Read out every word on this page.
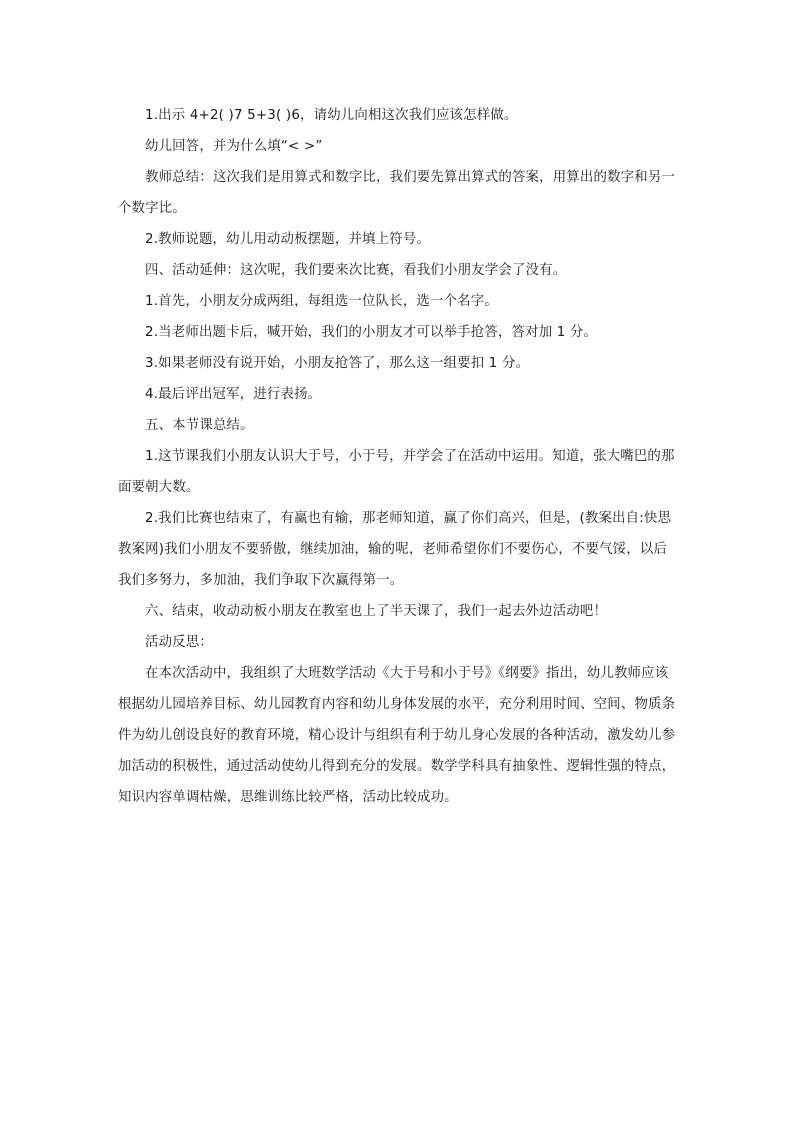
1.出示 4+2( )7 5+3( )6，请幼儿向相这次我们应该怎样做。

幼儿回答，并为什么填“< >”

教师总结：这次我们是用算式和数字比，我们要先算出算式的答案，用算出的数字和另一个数字比。

2.教师说题，幼儿用动动板摆题，并填上符号。

四、活动延伸：这次呢，我们要来次比赛，看我们小朋友学会了没有。

1.首先，小朋友分成两组，每组选一位队长，选一个名字。

2.当老师出题卡后，喊开始，我们的小朋友才可以举手抢答，答对加 1 分。

3.如果老师没有说开始，小朋友抢答了，那么这一组要扣 1 分。

4.最后评出冠军，进行表扬。

五、本节课总结。

1.这节课我们小朋友认识大于号，小于号，并学会了在活动中运用。知道，张大嘴巴的那面要朝大数。

2.我们比赛也结束了，有赢也有输，那老师知道，赢了你们高兴，但是，(教案出自:快思教案网)我们小朋友不要骄傲，继续加油，输的呢，老师希望你们不要伤心，不要气馁，以后我们多努力，多加油，我们争取下次赢得第一。

六、结束，收动动板小朋友在教室也上了半天课了，我们一起去外边活动吧！

活动反思：

在本次活动中，我组织了大班数学活动《大于号和小于号》《纲要》指出，幼儿教师应该根据幼儿园培养目标、幼儿园教育内容和幼儿身体发展的水平，充分利用时间、空间、物质条件为幼儿创设良好的教育环境，精心设计与组织有利于幼儿身心发展的各种活动，激发幼儿参加活动的积极性，通过活动使幼儿得到充分的发展。数学学科具有抽象性、逻辑性强的特点，知识内容单调枯燥，思维训练比较严格，活动比较成功。
